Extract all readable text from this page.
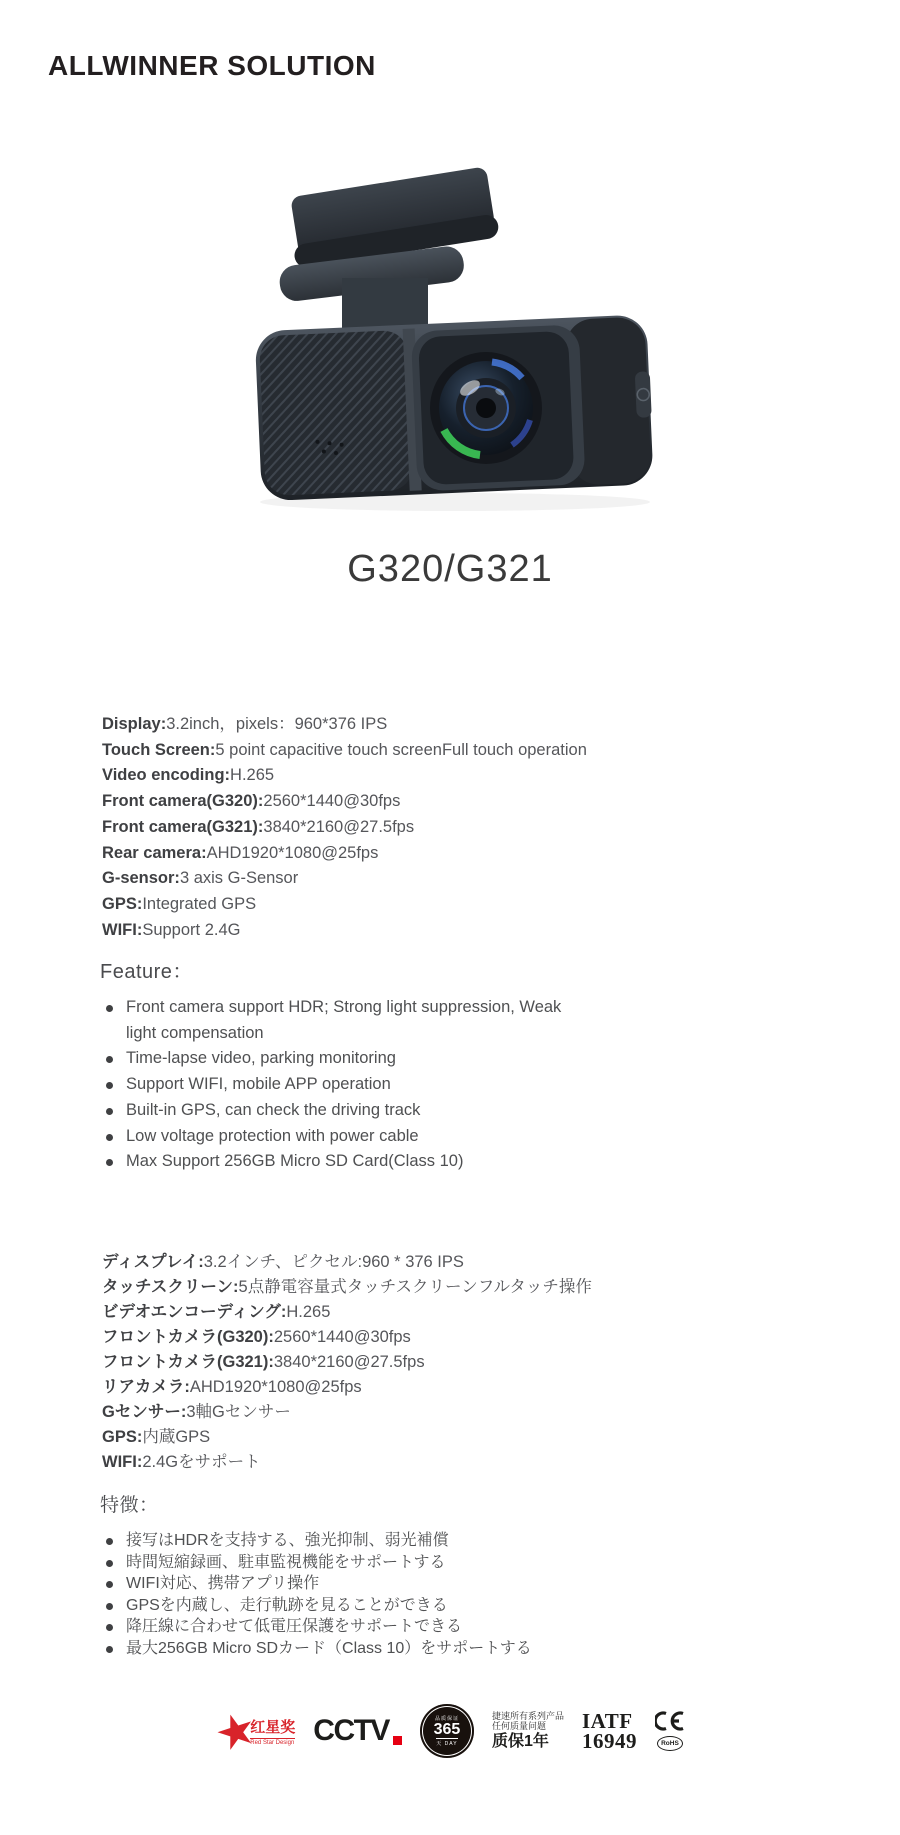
ALLWINNER SOLUTION
G320/G321
Display:3.2inch，pixels：960*376 IPS
Touch Screen:5 point capacitive touch screenFull touch operation
Video encoding:H.265
Front camera(G320):2560*1440@30fps
Front camera(G321):3840*2160@27.5fps
Rear camera:AHD1920*1080@25fps
G-sensor:3 axis G-Sensor
GPS:Integrated GPS
WIFI:Support 2.4G
Feature：
Front camera support HDR; Strong light suppression, Weak light compensation
Time-lapse video, parking monitoring
Support WIFI, mobile APP operation
Built-in GPS, can check the driving track
Low voltage protection with power cable
Max Support 256GB Micro SD Card(Class 10)
ディスプレイ:3.2インチ、ピクセル:960 * 376 IPS
タッチスクリーン:5点静電容量式タッチスクリーンフルタッチ操作
ビデオエンコーディング:H.265
フロントカメラ(G320):2560*1440@30fps
フロントカメラ(G321):3840*2160@27.5fps
リアカメラ:AHD1920*1080@25fps
Gセンサー:3軸Gセンサー
GPS:内蔵GPS
WIFI:2.4Gをサポート
特徴：
接写はHDRを支持する、強光抑制、弱光補償
時間短縮録画、駐車監視機能をサポートする
WIFI対応、携帯アプリ操作
GPSを内蔵し、走行軌跡を見ることができる
降圧線に合わせて低電圧保護をサポートできる
最大256GB Micro SDカード（Class 10）をサポートする
★
红星奖
Red Star Design CCTV	品质保证
365
天 DAY
捷速所有系列产品
任何质量问题
质保1年
IATF
16949	RoHS
